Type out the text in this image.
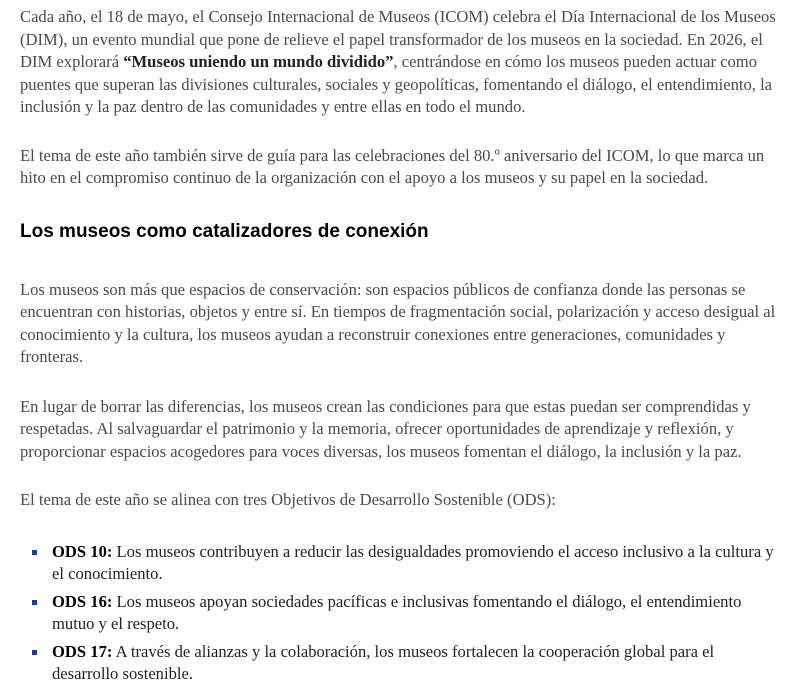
Cada año, el 18 de mayo, el Consejo Internacional de Museos (ICOM) celebra el Día Internacional de los Museos (DIM), un evento mundial que pone de relieve el papel transformador de los museos en la sociedad. En 2026, el DIM explorará “Museos uniendo un mundo dividido”, centrándose en cómo los museos pueden actuar como puentes que superan las divisiones culturales, sociales y geopolíticas, fomentando el diálogo, el entendimiento, la inclusión y la paz dentro de las comunidades y entre ellas en todo el mundo.

El tema de este año también sirve de guía para las celebraciones del 80.º aniversario del ICOM, lo que marca un hito en el compromiso continuo de la organización con el apoyo a los museos y su papel en la sociedad.

Los museos como catalizadores de conexión

Los museos son más que espacios de conservación: son espacios públicos de confianza donde las personas se encuentran con historias, objetos y entre sí. En tiempos de fragmentación social, polarización y acceso desigual al conocimiento y la cultura, los museos ayudan a reconstruir conexiones entre generaciones, comunidades y fronteras.

En lugar de borrar las diferencias, los museos crean las condiciones para que estas puedan ser comprendidas y respetadas. Al salvaguardar el patrimonio y la memoria, ofrecer oportunidades de aprendizaje y reflexión, y proporcionar espacios acogedores para voces diversas, los museos fomentan el diálogo, la inclusión y la paz.

El tema de este año se alinea con tres Objetivos de Desarrollo Sostenible (ODS):

ODS 10: Los museos contribuyen a reducir las desigualdades promoviendo el acceso inclusivo a la cultura y el conocimiento.
ODS 16: Los museos apoyan sociedades pacíficas e inclusivas fomentando el diálogo, el entendimiento mutuo y el respeto.
ODS 17: A través de alianzas y la colaboración, los museos fortalecen la cooperación global para el desarrollo sostenible.
